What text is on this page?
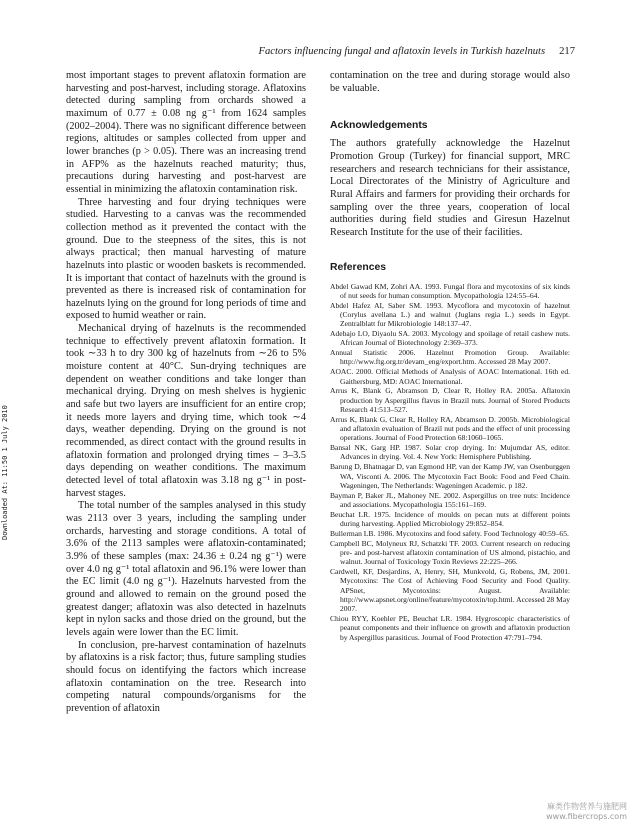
Factors influencing fungal and aflatoxin levels in Turkish hazelnuts 217
Downloaded At: 11:50 1 July 2010

most important stages to prevent aflatoxin formation are harvesting and post-harvest, including storage. Aflatoxins detected during sampling from orchards showed a maximum of 0.77 ± 0.08 ng g⁻¹ from 1624 samples (2002–2004). There was no significant difference between regions, altitudes or samples collected from upper and lower branches (p > 0.05). There was an increasing trend in AFP% as the hazelnuts reached maturity; thus, precautions during harvesting and post-harvest are essential in minimizing the aflatoxin contamination risk.

Three harvesting and four drying techniques were studied. Harvesting to a canvas was the recommended collection method as it prevented the contact with the ground. Due to the steepness of the sites, this is not always practical; then manual harvesting of mature hazelnuts into plastic or wooden baskets is recommended. It is important that contact of hazelnuts with the ground is prevented as there is increased risk of contamination for hazelnuts lying on the ground for long periods of time and exposed to humid weather or rain.

Mechanical drying of hazelnuts is the recommended technique to effectively prevent aflatoxin formation. It took ∼33 h to dry 300 kg of hazelnuts from ∼26 to 5% moisture content at 40°C. Sun-drying techniques are dependent on weather conditions and take longer than mechanical drying. Drying on mesh shelves is hygienic and safe but two layers are insufficient for an entire crop; it needs more layers and drying time, which took ∼4 days, weather depending. Drying on the ground is not recommended, as direct contact with the ground results in aflatoxin formation and prolonged drying times – 3–3.5 days depending on weather conditions. The maximum detected level of total aflatoxin was 3.18 ng g⁻¹ in post-harvest stages.

The total number of the samples analysed in this study was 2113 over 3 years, including the sampling under orchards, harvesting and storage conditions. A total of 3.6% of the 2113 samples were aflatoxin-contaminated; 3.9% of these samples (max: 24.36 ± 0.24 ng g⁻¹) were over 4.0 ng g⁻¹ total aflatoxin and 96.1% were lower than the EC limit (4.0 ng g⁻¹). Hazelnuts harvested from the ground and allowed to remain on the ground posed the greatest danger; aflatoxin was also detected in hazelnuts kept in nylon sacks and those dried on the ground, but the levels again were lower than the EC limit.

In conclusion, pre-harvest contamination of hazelnuts by aflatoxins is a risk factor; thus, future sampling studies should focus on identifying the factors which increase aflatoxin contamination on the tree. Research into competing natural compounds/organisms for the prevention of aflatoxin

contamination on the tree and during storage would also be valuable.

Acknowledgements

The authors gratefully acknowledge the Hazelnut Promotion Group (Turkey) for financial support, MRC researchers and research technicians for their assistance, Local Directorates of the Ministry of Agriculture and Rural Affairs and farmers for providing their orchards for sampling over the three years, cooperation of local authorities during field studies and Giresun Hazelnut Research Institute for the use of their facilities.

References
Abdel Gawad KM, Zohri AA. 1993. Fungal flora and mycotoxins of six kinds of nut seeds for human consumption. Mycopathologia 124:55–64.
Abdel Hafez AI, Saber SM. 1993. Mycoflora and mycotoxin of hazelnut (Corylus avellana L.) and walnut (Juglans regia L.) seeds in Egypt. Zentralblatt fur Mikrobiologie 148:137–47.
Adebajo LO, Diyaolu SA. 2003. Mycology and spoilage of retail cashew nuts. African Journal of Biotechnology 2:369–373.
Annual Statistic 2006. Hazelnut Promotion Group. Available: http://www.ftg.org.tr/devam_eng/export.htm. Accessed 28 May 2007.
AOAC. 2000. Official Methods of Analysis of AOAC International. 16th ed. Gaithersburg, MD: AOAC International.
Arrus K, Blank G, Abramson D, Clear R, Holley RA. 2005a. Aflatoxin production by Aspergillus flavus in Brazil nuts. Journal of Stored Products Research 41:513–527.
Arrus K, Blank G, Clear R, Holley RA, Abramson D. 2005b. Microbiological and aflatoxin evaluation of Brazil nut pods and the effect of unit processing operations. Journal of Food Protection 68:1060–1065.
Bansal NK, Garg HP. 1987. Solar crop drying. In: Mujumdar AS, editor. Advances in drying. Vol. 4. New York: Hemisphere Publishing.
Barung D, Bhatnagar D, van Egmond HP, van der Kamp JW, van Osenburggen WA, Visconti A. 2006. The Mycotoxin Fact Book: Food and Feed Chain. Wageningen, The Netherlands: Wageningen Academic. p 182.
Bayman P, Baker JL, Mahoney NE. 2002. Aspergillus on tree nuts: Incidence and associations. Mycopathologia 155:161–169.
Beuchat LR. 1975. Incidence of moulds on pecan nuts at different points during harvesting. Applied Microbiology 29:852–854.
Bullerman LB. 1986. Mycotoxins and food safety. Food Technology 40:59–65.
Campbell BC, Molyneux RJ, Schatzki TF. 2003. Current research on reducing pre- and post-harvest aflatoxin contamination of US almond, pistachio, and walnut. Journal of Toxicology Toxin Reviews 22:225–266.
Cardwell, KF, Desjardins, A, Henry, SH, Munkvold, G, Robens, JM, 2001. Mycotoxins: The Cost of Achieving Food Security and Food Quality. APSnet, Mycotoxins: August. Available: http://www.apsnet.org/online/feature/mycotoxin/top.html. Accessed 28 May 2007.
Chiou RYY, Koehler PE, Beuchat LR. 1984. Hygroscopic characteristics of peanut components and their influence on growth and aflatoxin production by Aspergillus parasiticus. Journal of Food Protection 47:791–794.
麻类作物营养与施肥网
www.fibercrops.com
